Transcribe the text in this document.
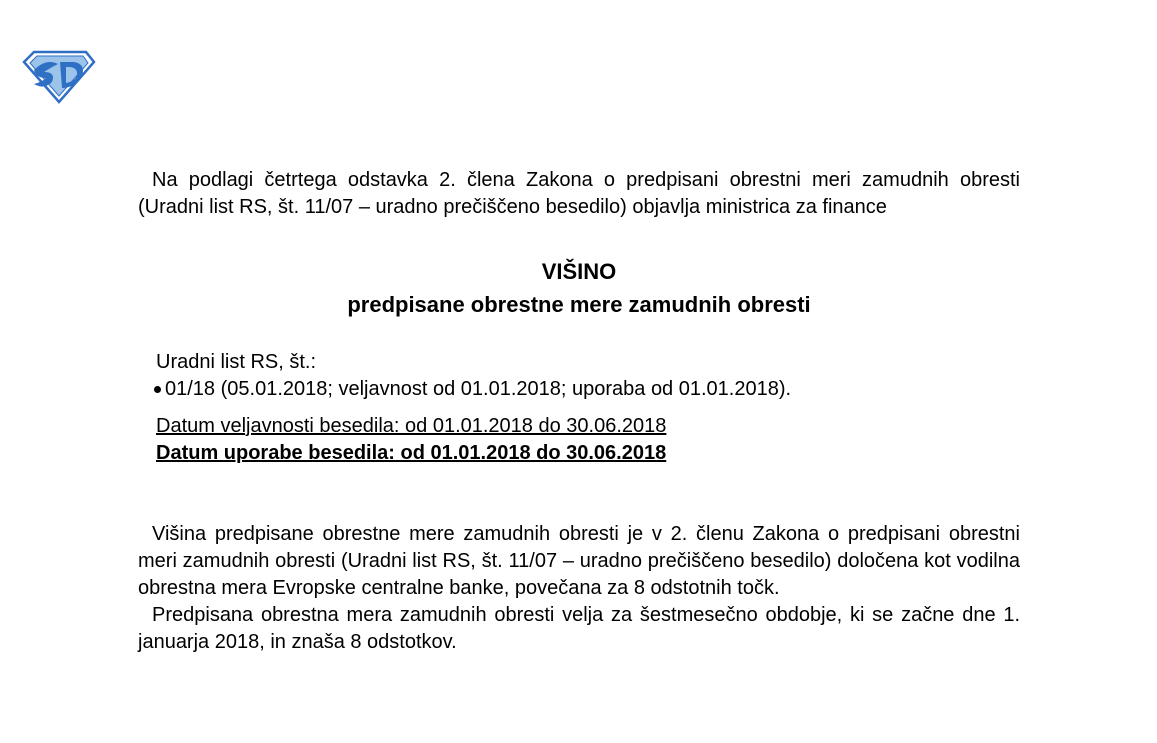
Na podlagi četrtega odstavka 2. člena Zakona o predpisani obrestni meri zamudnih obresti (Uradni list RS, št. 11/07 – uradno prečiščeno besedilo) objavlja ministrica za finance

VIŠINO
predpisane obrestne mere zamudnih obresti
Uradni list RS, št.:
01/18 (05.01.2018; veljavnost od 01.01.2018; uporaba od 01.01.2018).
Datum veljavnosti besedila: od 01.01.2018 do 30.06.2018
Datum uporabe besedila: od 01.01.2018 do 30.06.2018

Višina predpisane obrestne mere zamudnih obresti je v 2. členu Zakona o predpisani obrestni meri zamudnih obresti (Uradni list RS, št. 11/07 – uradno prečiščeno besedilo) določena kot vodilna obrestna mera Evropske centralne banke, povečana za 8 odstotnih točk.

Predpisana obrestna mera zamudnih obresti velja za šestmesečno obdobje, ki se začne dne 1. januarja 2018, in znaša 8 odstotkov.
